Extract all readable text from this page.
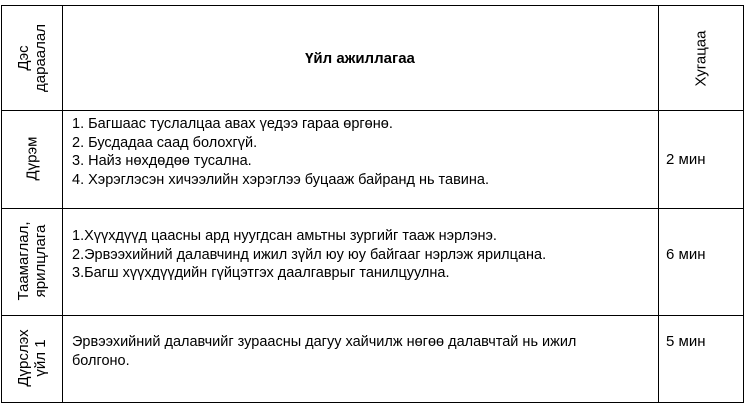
Дэс дараалал	Үйл ажиллагаа	Хугацаа
Дүрэм
1. Багшаас туслалцаа авах үедээ гараа өргөнө.
2. Бусдадаа саад болохгүй.
3. Найз нөхдөдөө тусална.
4. Хэрэглэсэн хичээлийн хэрэглээ буцааж байранд нь тавина.
2 мин
Таамаглал, ярилцлага 1.Хүүхдүүд цаасны ард нуугдсан амьтны зургийг тааж нэрлэнэ.
2.Эрвээхийний далавчинд ижил зүйл юу юу байгааг нэрлэж ярилцана.
3.Багш хүүхдүүдийн гүйцэтгэх даалгаврыг танилцуулна.
6 мин
Дүрслэх үйл 1 Эрвээхийний далавчийг зураасны дагуу хайчилж нөгөө далавчтай нь ижил
болгоно.
5 мин
